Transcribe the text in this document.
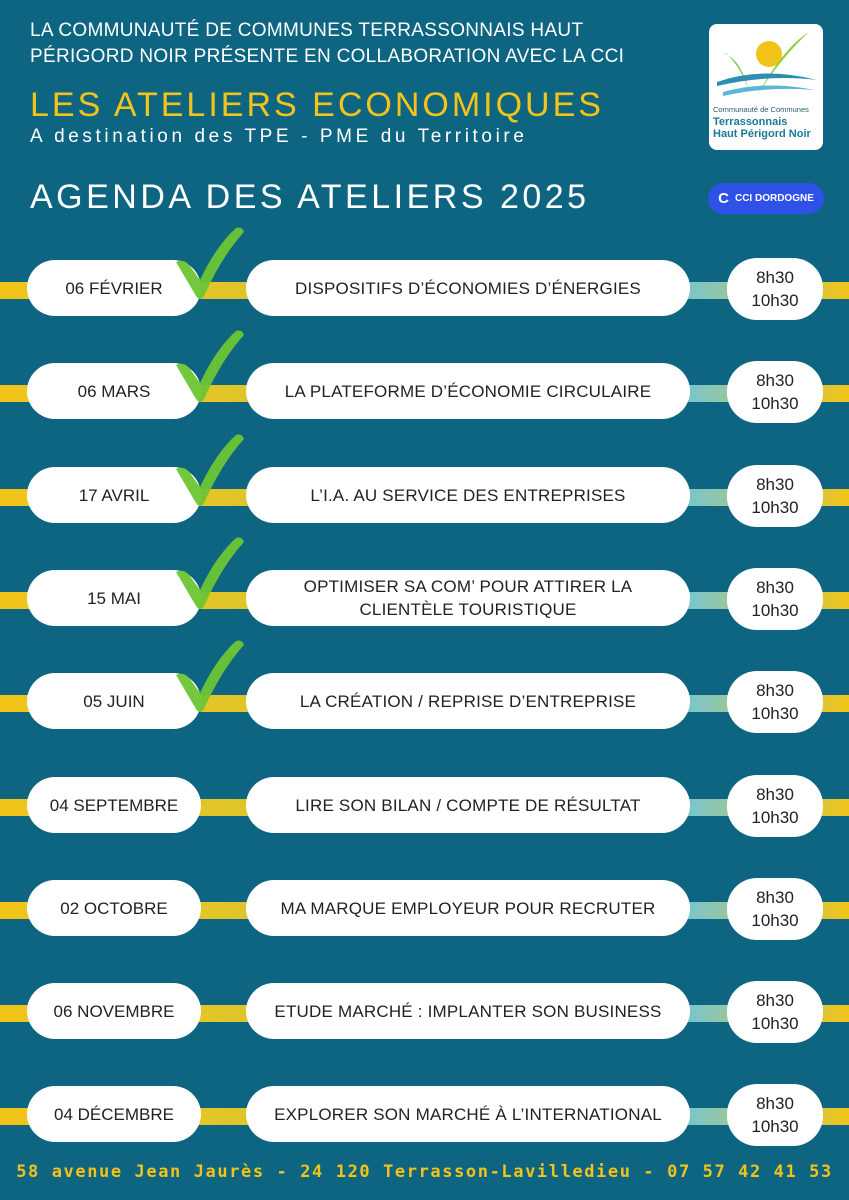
LA COMMUNAUTÉ DE COMMUNES TERRASSONNAIS HAUT
PÉRIGORD NOIR PRÉSENTE EN COLLABORATION AVEC LA CCI
LES ATELIERS ECONOMIQUES
A destination des TPE - PME du Territoire
AGENDA DES ATELIERS 2025
Communauté de Communes
Terrassonnais
Haut Périgord Noir
C CCI DORDOGNE
06 FÉVRIER	DISPOSITIFS D’ÉCONOMIES D’ÉNERGIES
8h30
10h30
06 MARS	LA PLATEFORME D’ÉCONOMIE CIRCULAIRE
8h30
10h30
17 AVRIL	L’I.A. AU SERVICE DES ENTREPRISES
8h30
10h30
15 MAI
OPTIMISER SA COM’ POUR ATTIRER LA
CLIENTÈLE TOURISTIQUE
8h30
10h30
05 JUIN	LA CRÉATION / REPRISE D’ENTREPRISE
8h30
10h30
04 SEPTEMBRE	LIRE SON BILAN / COMPTE DE RÉSULTAT
8h30
10h30
02 OCTOBRE	MA MARQUE EMPLOYEUR POUR RECRUTER
8h30
10h30
06 NOVEMBRE	ETUDE MARCHÉ : IMPLANTER SON BUSINESS
8h30
10h30
04 DÉCEMBRE	EXPLORER SON MARCHÉ À L’INTERNATIONAL
8h30
10h30
58 avenue Jean Jaurès - 24 120 Terrasson-Lavilledieu - 07 57 42 41 53
